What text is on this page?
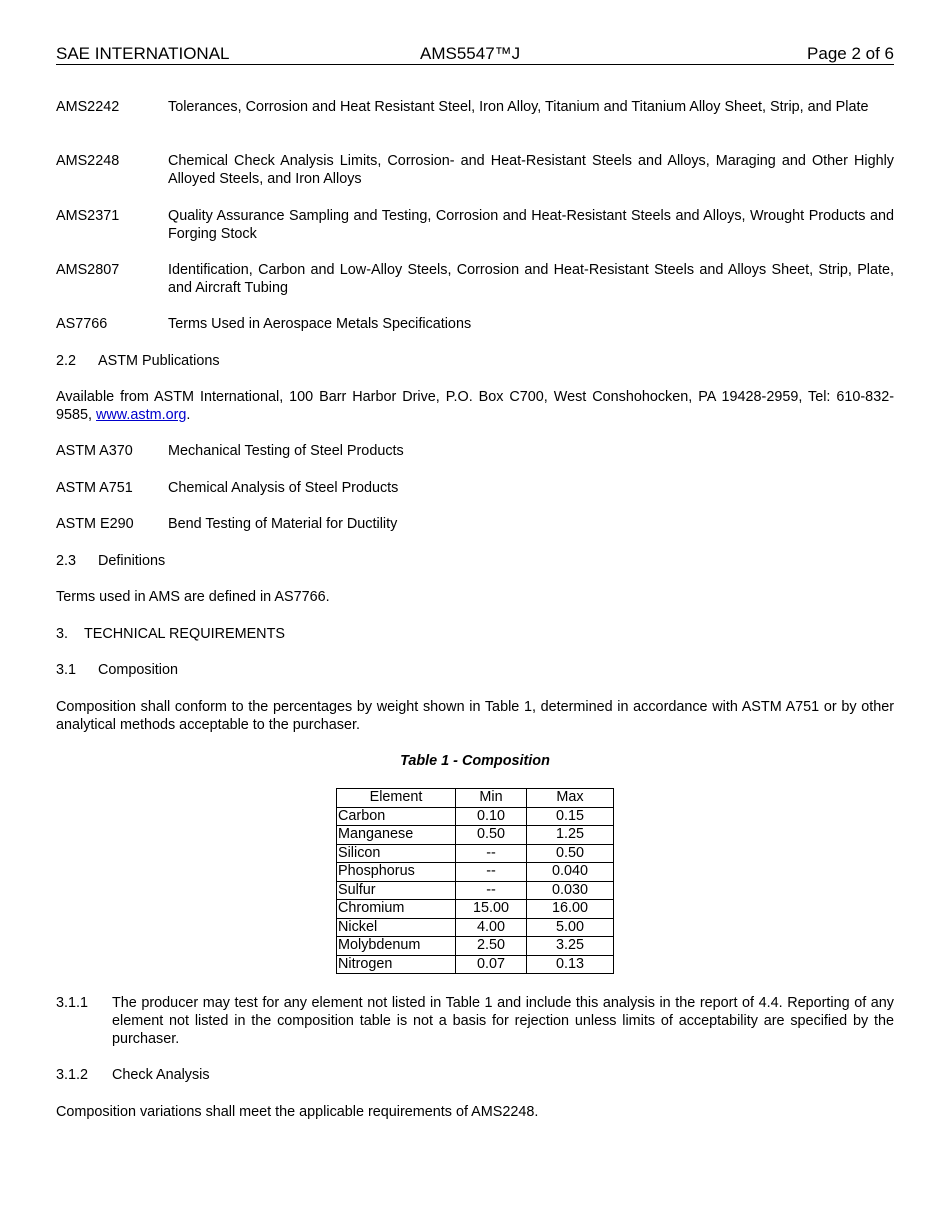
SAE INTERNATIONAL	AMS5547™J	Page 2 of 6
AMS2242	Tolerances, Corrosion and Heat Resistant Steel, Iron Alloy, Titanium and Titanium Alloy Sheet, Strip, and Plate
AMS2248	Chemical Check Analysis Limits, Corrosion- and Heat-Resistant Steels and Alloys, Maraging and Other Highly Alloyed Steels, and Iron Alloys
AMS2371	Quality Assurance Sampling and Testing, Corrosion and Heat-Resistant Steels and Alloys, Wrought Products and Forging Stock
AMS2807	Identification, Carbon and Low-Alloy Steels, Corrosion and Heat-Resistant Steels and Alloys Sheet, Strip, Plate, and Aircraft Tubing
AS7766	Terms Used in Aerospace Metals Specifications
2.2 ASTM Publications
Available from ASTM International, 100 Barr Harbor Drive, P.O. Box C700, West Conshohocken, PA 19428-2959, Tel: 610-832-9585, www.astm.org.
ASTM A370 Mechanical Testing of Steel Products
ASTM A751 Chemical Analysis of Steel Products
ASTM E290 Bend Testing of Material for Ductility
2.3 Definitions
Terms used in AMS are defined in AS7766.
3. TECHNICAL REQUIREMENTS
3.1 Composition
Composition shall conform to the percentages by weight shown in Table 1, determined in accordance with ASTM A751 or by other analytical methods acceptable to the purchaser.
Table 1 - Composition
Element	Min	Max
Carbon	0.10	0.15
Manganese	0.50	1.25
Silicon	--	0.50
Phosphorus	--	0.040
Sulfur	--	0.030
Chromium	15.00	16.00
Nickel	4.00	5.00
Molybdenum	2.50	3.25
Nitrogen	0.07	0.13
3.1.1 The producer may test for any element not listed in Table 1 and include this analysis in the report of 4.4. Reporting of any element not listed in the composition table is not a basis for rejection unless limits of acceptability are specified by the purchaser.
3.1.2 Check Analysis
Composition variations shall meet the applicable requirements of AMS2248.
